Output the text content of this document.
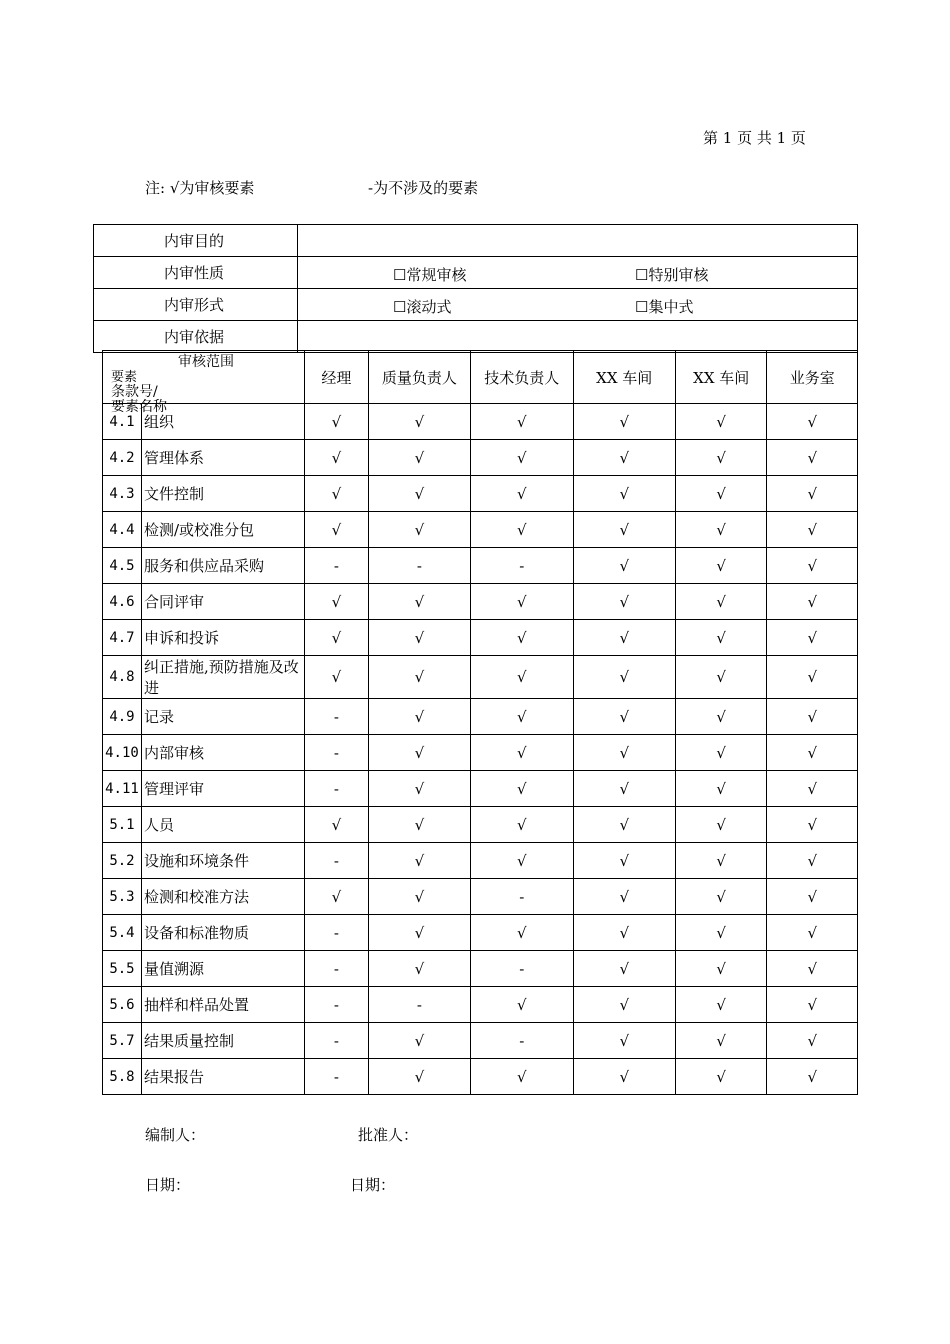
第 1 页 共 1 页
注: √为审核要素	-为不涉及的要素
内审目的	

内审性质	☐常规审核 ☐特别审核

内审形式	☐滚动式 ☐集中式

内审依据	
审核范围
要素
条款号/
要素名称		经理	质量负责人	技术负责人	XX 车间	XX 车间	业务室
4.1	组织	√	√	√	√	√	√
4.2	管理体系	√	√	√	√	√	√
4.3	文件控制	√	√	√	√	√	√
4.4	检测/或校准分包	√	√	√	√	√	√
4.5	服务和供应品采购	-	-	-	√	√	√
4.6	合同评审	√	√	√	√	√	√
4.7	申诉和投诉	√	√	√	√	√	√
4.8	纠正措施,预防措施及改进	√	√	√	√	√	√
4.9	记录	-	√	√	√	√	√
4.10	内部审核	-	√	√	√	√	√
4.11	管理评审	-	√	√	√	√	√
5.1	人员	√	√	√	√	√	√
5.2	设施和环境条件	-	√	√	√	√	√
5.3	检测和校准方法	√	√	-	√	√	√
5.4	设备和标准物质	-	√	√	√	√	√
5.5	量值溯源	-	√	-	√	√	√
5.6	抽样和样品处置	-	-	√	√	√	√
5.7	结果质量控制	-	√	-	√	√	√
5.8	结果报告	-	√	√	√	√	√
编制人：	批准人：
日期：	日期：
